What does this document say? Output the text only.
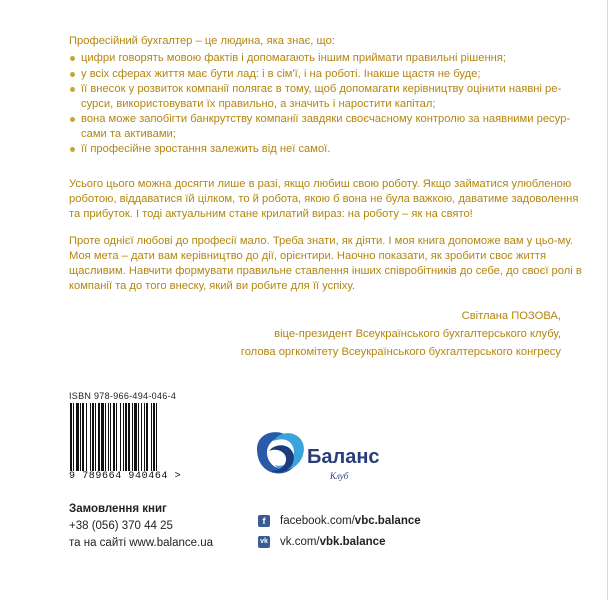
Професійний бухгалтер – це людина, яка знає, що:
цифри говорять мовою фактів і допомагають іншим приймати правильні рішення;
у всіх сферах життя має бути лад: і в сім'ї, і на роботі. Інакше щастя не буде;
її внесок у розвиток компанії полягає в тому, щоб допомагати керівництву оцінити наявні ре-сурси, використовувати їх правильно, а значить і наростити капітал;
вона може запобігти банкрутству компанії завдяки своєчасному контролю за наявними ресур-сами та активами;
її професійне зростання залежить від неї самої.
Усього цього можна досягти лише в разі, якщо любиш свою роботу. Якщо займатися улюбленою роботою, віддаватися їй цілком, то й робота, якою б вона не була важкою, даватиме задоволення та прибуток. І тоді актуальним стане крилатий вираз: на роботу – як на свято!
Проте однієї любові до професії мало. Треба знати, як діяти. І моя книга допоможе вам у цьо-му. Моя мета – дати вам керівництво до дії, орієнтири. Наочно показати, як зробити своє життя щасливим. Навчити формувати правильне ставлення інших співробітників до себе, до своєї ролі в компанії та до того внеску, який ви робите для її успіху.
Світлана ПОЗОВА,
віце-президент Всеукраїнського бухгалтерського клубу,
голова оргкомітету Всеукраїнського бухгалтерського конгресу
ISBN 978-966-494-046-4
9 789664 940464 >
Баланс
Клуб
Замовлення книг
+38 (056) 370 44 25
та на сайті www.balance.ua
f	facebook.com/ vbc.balance
vk vk.com/ vbk.balance
